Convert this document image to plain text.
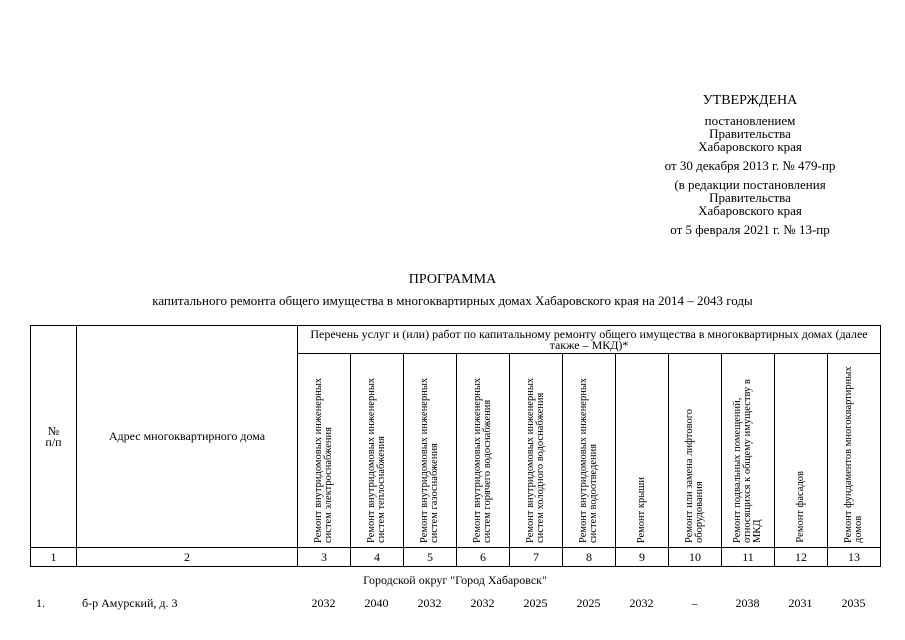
УТВЕРЖДЕНА
постановлением
Правительства
Хабаровского края
от 30 декабря 2013 г. № 479-пр
(в редакции постановления
Правительства
Хабаровского края
от 5 февраля 2021 г. № 13-пр
ПРОГРАММА
капитального ремонта общего имущества в многоквартирных домах Хабаровского края на 2014 – 2043 годы
№
п/п	Адрес многоквартирного дома	Перечень услуг и (или) работ по капитальному ремонту общего имущества в многоквартирных домах (далее также – МКД)*										

		Ремонт внутридомовых инженерных систем электроснабжения	Ремонт внутридомовых инженерных систем теплоснабжения	Ремонт внутридомовых инженерных систем газоснабжения	Ремонт внутридомовых инженерных систем горячего водоснабжения	Ремонт внутридомовых инженерных систем холодного водоснабжения	Ремонт внутридомовых инженерных систем водоотведения	Ремонт крыши	Ремонт или замена лифтового оборудования	Ремонт подвальных помещений, относящихся к общему имуществу в МКД	Ремонт фасадов	Ремонт фундаментов многоквартирных домов

1	2	3	4	5	6	7	8	9	10	11	12	13
Городской округ "Город Хабаровск"
1.	б-р Амурский, д. 3	2032	2040	2032	2032	2025	2025	2032	–	2038	2031	2035
